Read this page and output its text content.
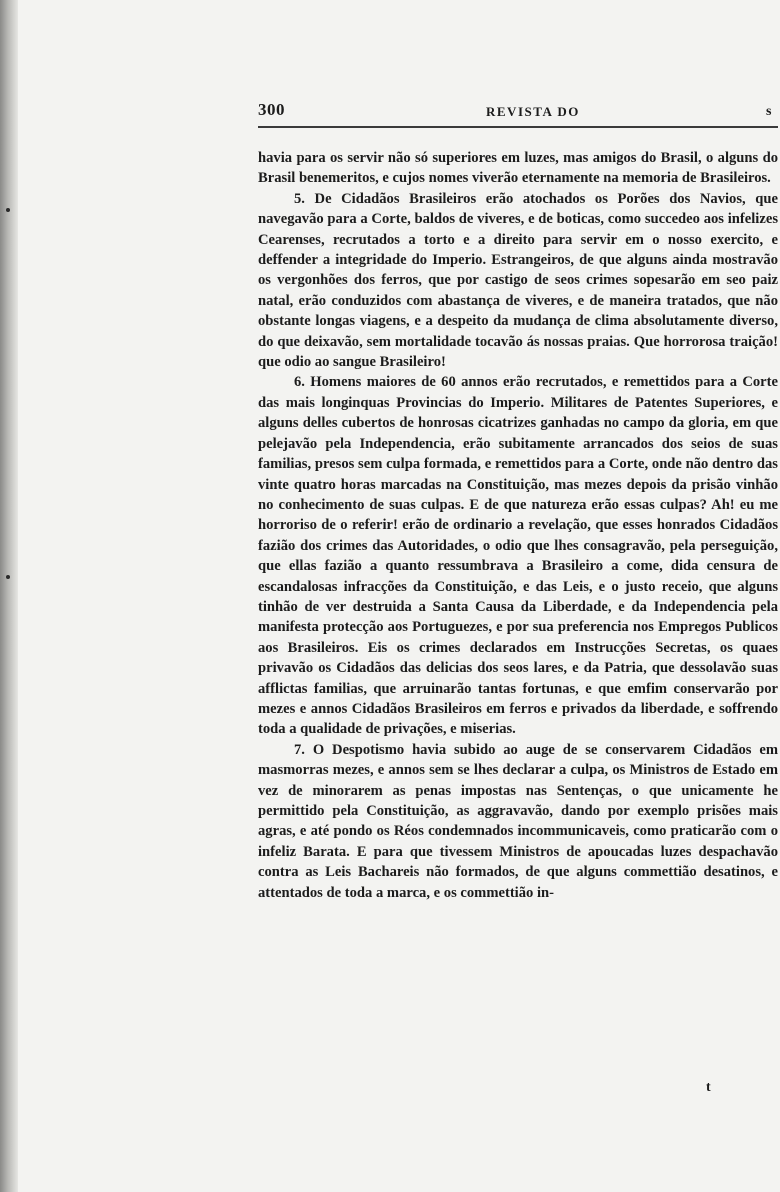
300	REVISTA DO	s

havia para os servir não só superiores em luzes, mas amigos do Brasil, o alguns do Brasil benemeritos, e cujos nomes viverão eternamente na memoria de Brasileiros.

5. De Cidadãos Brasileiros erão atochados os Porões dos Navios, que navegavão para a Corte, baldos de viveres, e de boticas, como succedeo aos infelizes Cearenses, recrutados a torto e a direito para servir em o nosso exercito, e deffender a integridade do Imperio. Estrangeiros, de que alguns ainda mostravão os vergonhões dos ferros, que por castigo de seos crimes sopesarão em seo paiz natal, erão conduzidos com abastança de viveres, e de maneira tratados, que não obstante longas viagens, e a despeito da mudança de clima absolutamente diverso, do que deixavão, sem mortalidade tocavão ás nossas praias. Que horrorosa traição! que odio ao sangue Brasileiro!

6. Homens maiores de 60 annos erão recrutados, e remettidos para a Corte das mais longinquas Provincias do Imperio. Militares de Patentes Superiores, e alguns delles cubertos de honrosas cicatrizes ganhadas no campo da gloria, em que pelejavão pela Independencia, erão subitamente arrancados dos seios de suas familias, presos sem culpa formada, e remettidos para a Corte, onde não dentro das vinte quatro horas marcadas na Constituição, mas mezes depois da prisão vinhão no conhecimento de suas culpas. E de que natureza erão essas culpas? Ah! eu me horroriso de o referir! erão de ordinario a revelação, que esses honrados Cidadãos fazião dos crimes das Autoridades, o odio que lhes consagravão, pela perseguição, que ellas fazião a quanto ressumbrava a Brasileiro a come, dida censura de escandalosas infracções da Constituição, e das Leis, e o justo receio, que alguns tinhão de ver destruida a Santa Causa da Liberdade, e da Independencia pela manifesta protecção aos Portuguezes, e por sua preferencia nos Empregos Publicos aos Brasileiros. Eis os crimes declarados em Instrucções Secretas, os quaes privavão os Cidadãos das delicias dos seos lares, e da Patria, que dessolavão suas afflictas familias, que arruinarão tantas fortunas, e que emfim conservarão por mezes e annos Cidadãos Brasileiros em ferros e privados da liberdade, e soffrendo toda a qualidade de privações, e miserias.

7. O Despotismo havia subido ao auge de se conservarem Cidadãos em masmorras mezes, e annos sem se lhes declarar a culpa, os Ministros de Estado em vez de minorarem as penas impostas nas Sentenças, o que unicamente he permittido pela Constituição, as aggravavão, dando por exemplo prisões mais agras, e até pondo os Réos condemnados incommunicaveis, como praticarão com o infeliz Barata. E para que tivessem Ministros de apoucadas luzes despachavão contra as Leis Bachareis não formados, de que alguns commettião desatinos, e attentados de toda a marca, e os commettião in-

t
